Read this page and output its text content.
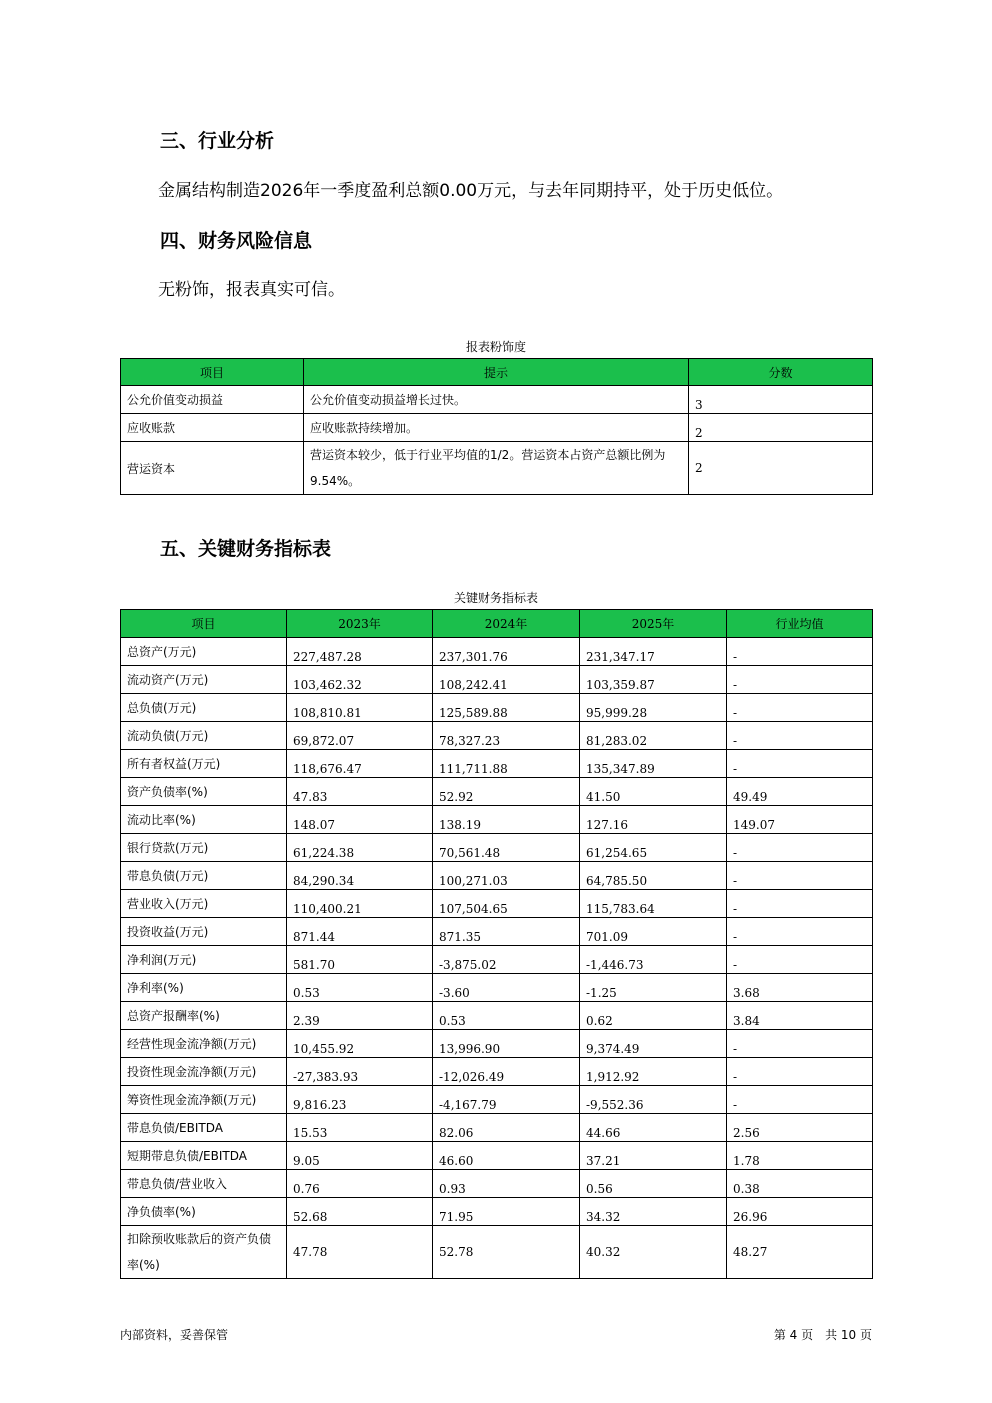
三、行业分析

金属结构制造2026年一季度盈利总额0.00万元，与去年同期持平，处于历史低位。

四、财务风险信息

无粉饰，报表真实可信。

报表粉饰度
项目	提示	分数
公允价值变动损益	公允价值变动损益增长过快。	3
应收账款	应收账款持续增加。	2
营运资本	营运资本较少，低于行业平均值的1/2。营运资本占资产总额比例为9.54%。	2
五、关键财务指标表
关键财务指标表
项目	2023年	2024年	2025年	行业均值
总资产(万元)	227,487.28	237,301.76	231,347.17	-
流动资产(万元)	103,462.32	108,242.41	103,359.87	-
总负债(万元)	108,810.81	125,589.88	95,999.28	-
流动负债(万元)	69,872.07	78,327.23	81,283.02	-
所有者权益(万元)	118,676.47	111,711.88	135,347.89	-
资产负债率(%)	47.83	52.92	41.50	49.49
流动比率(%)	148.07	138.19	127.16	149.07
银行贷款(万元)	61,224.38	70,561.48	61,254.65	-
带息负债(万元)	84,290.34	100,271.03	64,785.50	-
营业收入(万元)	110,400.21	107,504.65	115,783.64	-
投资收益(万元)	871.44	871.35	701.09	-
净利润(万元)	581.70	-3,875.02	-1,446.73	-
净利率(%)	0.53	-3.60	-1.25	3.68
总资产报酬率(%)	2.39	0.53	0.62	3.84
经营性现金流净额(万元)	10,455.92	13,996.90	9,374.49	-
投资性现金流净额(万元)	-27,383.93	-12,026.49	1,912.92	-
筹资性现金流净额(万元)	9,816.23	-4,167.79	-9,552.36	-
带息负债/EBITDA	15.53	82.06	44.66	2.56
短期带息负债/EBITDA	9.05	46.60	37.21	1.78
带息负债/营业收入	0.76	0.93	0.56	0.38
净负债率(%)	52.68	71.95	34.32	26.96
扣除预收账款后的资产负债率(%)	47.78	52.78	40.32	48.27
内部资料，妥善保管	第 4 页　共 10 页
